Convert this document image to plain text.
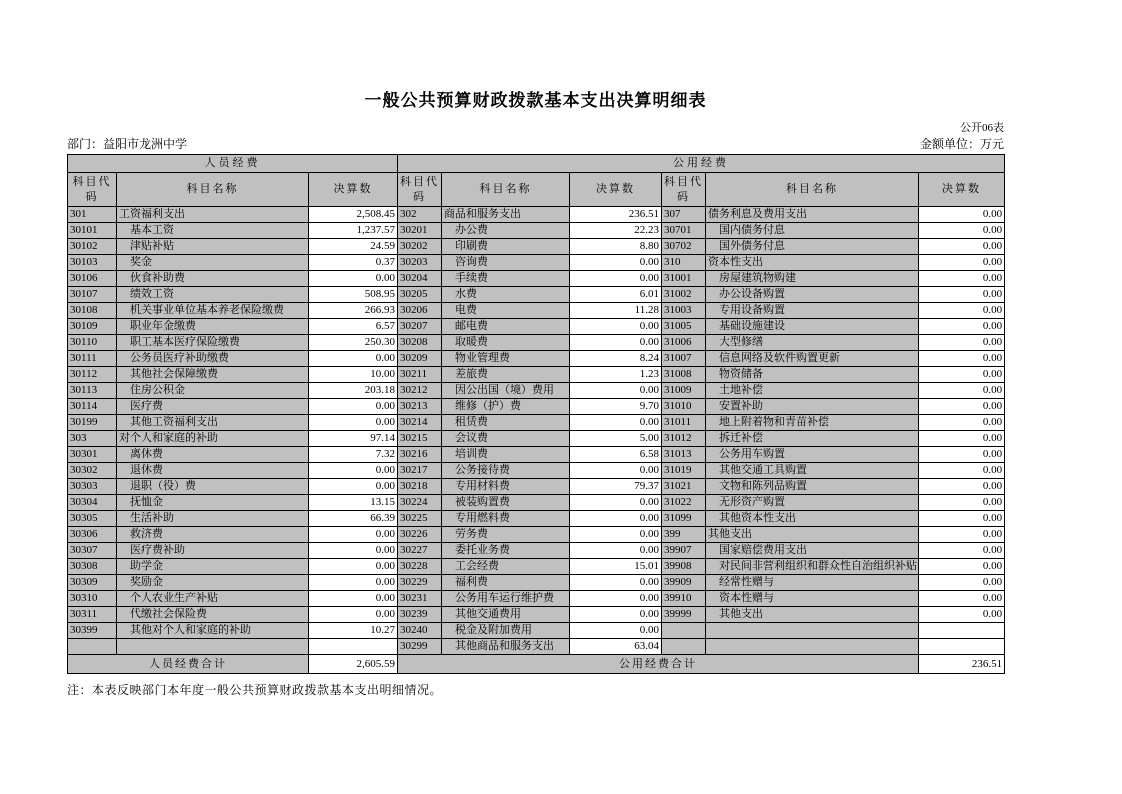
一般公共预算财政拨款基本支出决算明细表
公开06表
部门：益阳市龙洲中学	金额单位：万元
人员经费			公用经费					
科目代码	科目名称	决算数	科目代码	科目名称	决算数	科目代码	科目名称	决算数
301	工资福利支出	2,508.45	302	商品和服务支出	236.51	307	债务利息及费用支出	0.00
30101	　基本工资	1,237.57	30201	　办公费	22.23	30701	　国内债务付息	0.00
30102	　津贴补贴	24.59	30202	　印刷费	8.80	30702	　国外债务付息	0.00
30103	　奖金	0.37	30203	　咨询费	0.00	310	资本性支出	0.00
30106	　伙食补助费	0.00	30204	　手续费	0.00	31001	　房屋建筑物购建	0.00
30107	　绩效工资	508.95	30205	　水费	6.01	31002	　办公设备购置	0.00
30108	　机关事业单位基本养老保险缴费	266.93	30206	　电费	11.28	31003	　专用设备购置	0.00
30109	　职业年金缴费	6.57	30207	　邮电费	0.00	31005	　基础设施建设	0.00
30110	　职工基本医疗保险缴费	250.30	30208	　取暖费	0.00	31006	　大型修缮	0.00
30111	　公务员医疗补助缴费	0.00	30209	　物业管理费	8.24	31007	　信息网络及软件购置更新	0.00
30112	　其他社会保障缴费	10.00	30211	　差旅费	1.23	31008	　物资储备	0.00
30113	　住房公积金	203.18	30212	　因公出国（境）费用	0.00	31009	　土地补偿	0.00
30114	　医疗费	0.00	30213	　维修（护）费	9.70	31010	　安置补助	0.00
30199	　其他工资福利支出	0.00	30214	　租赁费	0.00	31011	　地上附着物和青苗补偿	0.00
303	对个人和家庭的补助	97.14	30215	　会议费	5.00	31012	　拆迁补偿	0.00
30301	　离休费	7.32	30216	　培训费	6.58	31013	　公务用车购置	0.00
30302	　退休费	0.00	30217	　公务接待费	0.00	31019	　其他交通工具购置	0.00
30303	　退职（役）费	0.00	30218	　专用材料费	79.37	31021	　文物和陈列品购置	0.00
30304	　抚恤金	13.15	30224	　被装购置费	0.00	31022	　无形资产购置	0.00
30305	　生活补助	66.39	30225	　专用燃料费	0.00	31099	　其他资本性支出	0.00
30306	　救济费	0.00	30226	　劳务费	0.00	399	其他支出	0.00
30307	　医疗费补助	0.00	30227	　委托业务费	0.00	39907	　国家赔偿费用支出	0.00
30308	　助学金	0.00	30228	　工会经费	15.01	39908	　对民间非营利组织和群众性自治组织补贴	0.00
30309	　奖励金	0.00	30229	　福利费	0.00	39909	　经常性赠与	0.00
30310	　个人农业生产补贴	0.00	30231	　公务用车运行维护费	0.00	39910	　资本性赠与	0.00
30311	　代缴社会保险费	0.00	30239	　其他交通费用	0.00	39999	　其他支出	0.00
30399	　其他对个人和家庭的补助	10.27	30240	　税金及附加费用	0.00			
			30299	　其他商品和服务支出	63.04			
人员经费合计		2,605.59	公用经费合计					236.51
注：本表反映部门本年度一般公共预算财政拨款基本支出明细情况。
